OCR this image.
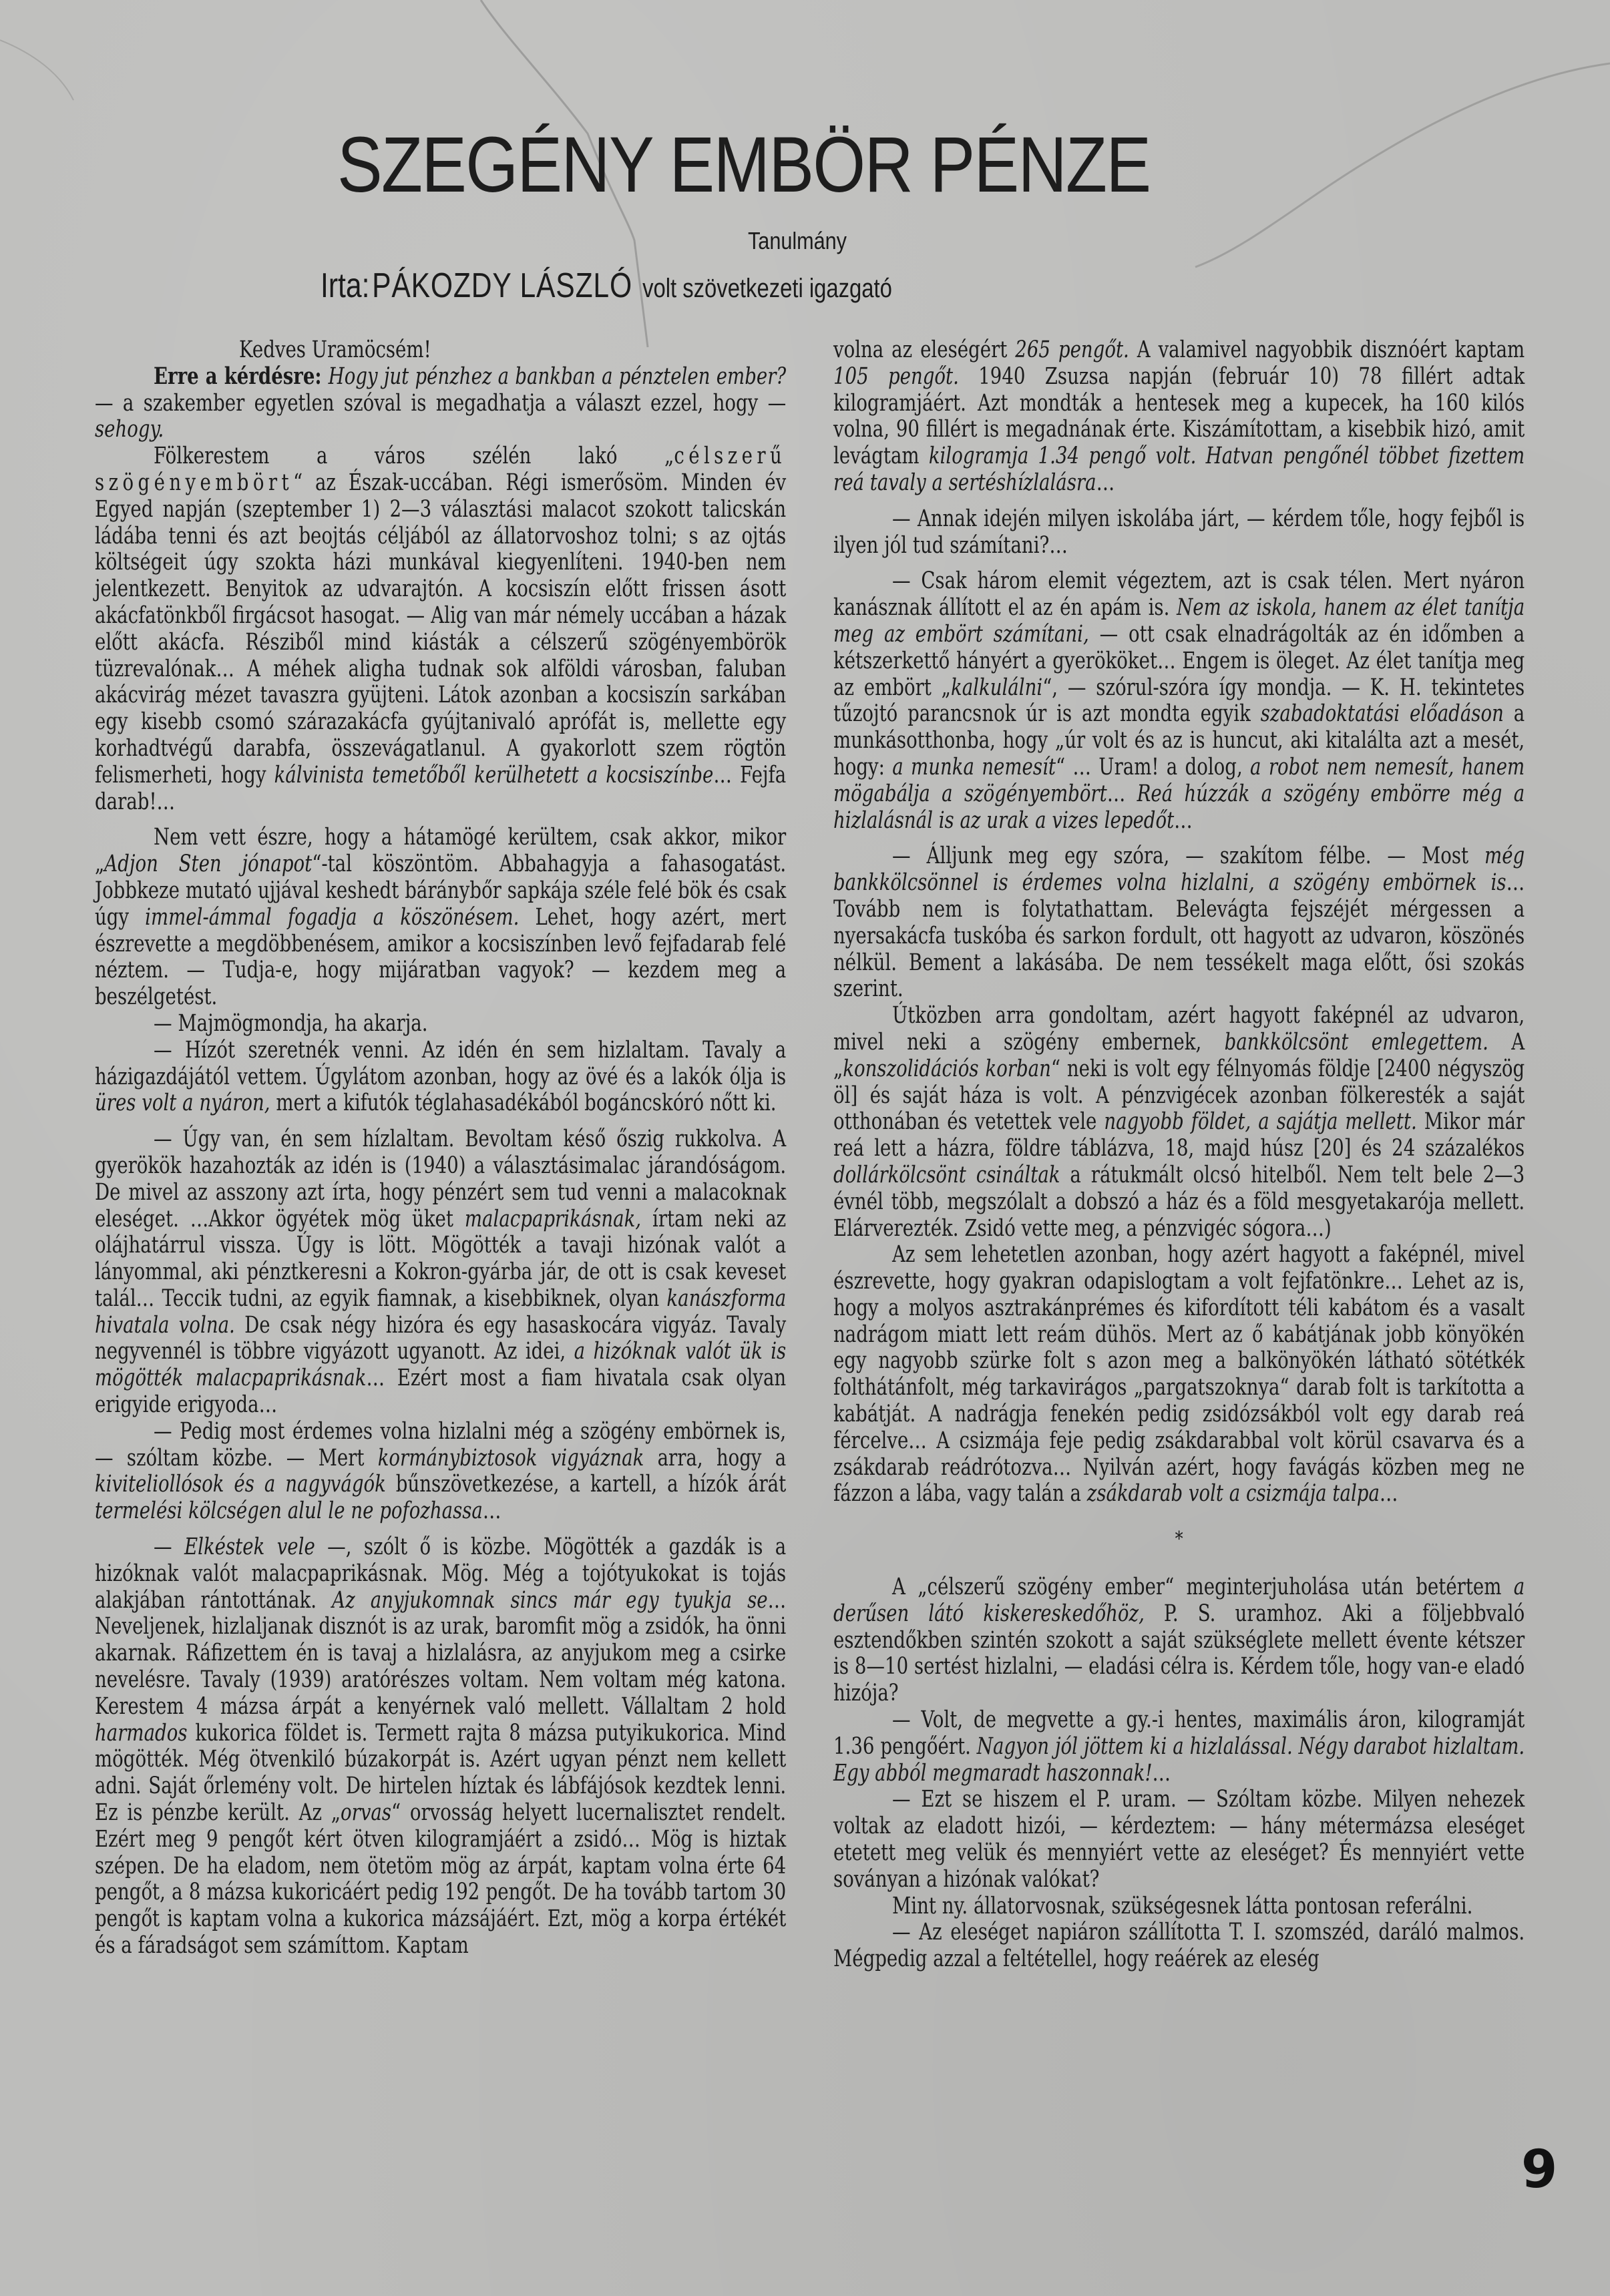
SZEGÉNY EMBÖR PÉNZE
Tanulmány
Irta: PÁKOZDY LÁSZLÓ volt szövetkezeti igazgató

Kedves Uramöcsém!

Erre a kérdésre: Hogy jut pénzhez a bankban a pénztelen ember? — a szakember egyetlen szóval is megadhatja a választ ezzel, hogy — sehogy.

Fölkerestem a város szélén lakó „célszerű szögényembört“ az Észak-uccában. Régi ismerősöm. Minden év Egyed napján (szeptember 1) 2—3 választási malacot szokott talicskán ládába tenni és azt beojtás céljából az állatorvoshoz tolni; s az ojtás költségeit úgy szokta házi munkával kiegyenlíteni. 1940-ben nem jelentkezett. Benyitok az udvarajtón. A kocsiszín előtt frissen ásott akácfatönkből firgácsot hasogat. — Alig van már némely uccában a házak előtt akácfa. Résziből mind kiásták a célszerű szögényembörök tüzrevalónak… A méhek aligha tudnak sok alföldi városban, faluban akácvirág mézet tavaszra gyüjteni. Látok azonban a kocsiszín sarkában egy kisebb csomó szárazakácfa gyújtanivaló aprófát is, mellette egy korhadtvégű darabfa, összevágatlanul. A gyakorlott szem rögtön felismerheti, hogy kálvinista temetőből kerülhetett a kocsiszínbe… Fejfa darab!…

Nem vett észre, hogy a hátamögé kerültem, csak akkor, mikor „Adjon Sten jónapot“-tal köszöntöm. Abbahagyja a fahasogatást. Jobbkeze mutató ujjával keshedt báránybőr sapkája széle felé bök és csak úgy immel-ámmal fogadja a köszönésem. Lehet, hogy azért, mert észrevette a megdöbbenésem, amikor a kocsiszínben levő fejfadarab felé néztem. — Tudja-e, hogy mijáratban vagyok? — kezdem meg a beszélgetést.

— Majmögmondja, ha akarja.

— Hízót szeretnék venni. Az idén én sem hizlaltam. Tavaly a házigazdájától vettem. Úgylátom azonban, hogy az övé és a lakók ólja is üres volt a nyáron, mert a kifutók téglahasadékából bogáncskóró nőtt ki.

— Úgy van, én sem hízlaltam. Bevoltam késő őszig rukkolva. A gyerökök hazahozták az idén is (1940) a választásimalac járandóságom. De mivel az asszony azt írta, hogy pénzért sem tud venni a malacoknak eleséget. …Akkor ögyétek mög üket malacpaprikásnak, írtam neki az olájhatárrul vissza. Úgy is lött. Mögötték a tavaji hizónak valót a lányommal, aki pénztkeresni a Kokron-gyárba jár, de ott is csak keveset talál… Teccik tudni, az egyik fiamnak, a kisebbiknek, olyan kanászforma hivatala volna. De csak négy hizóra és egy hasaskocára vigyáz. Tavaly negyvennél is többre vigyázott ugyanott. Az idei, a hizóknak valót ük is mögötték malacpaprikásnak… Ezért most a fiam hivatala csak olyan erigyide erigyoda…

— Pedig most érdemes volna hizlalni még a szögény embörnek is, — szóltam közbe. — Mert kormánybiztosok vigyáznak arra, hogy a kiviteliollósok és a nagyvágók bűnszövetkezése, a kartell, a hízók árát termelési kölcségen alul le ne pofozhassa…

— Elkéstek vele —, szólt ő is közbe. Mögötték a gazdák is a hizóknak valót malacpaprikásnak. Mög. Még a tojótyukokat is tojás alakjában rántottának. Az anyjukomnak sincs már egy tyukja se… Neveljenek, hizlaljanak disznót is az urak, baromfit mög a zsidók, ha önni akarnak. Ráfizettem én is tavaj a hizlalásra, az anyjukom meg a csirke nevelésre. Tavaly (1939) aratórészes voltam. Nem voltam még katona. Kerestem 4 mázsa árpát a kenyérnek való mellett. Vállaltam 2 hold harmados kukorica földet is. Termett rajta 8 mázsa putyikukorica. Mind mögötték. Még ötvenkiló búzakorpát is. Azért ugyan pénzt nem kellett adni. Saját őrlemény volt. De hirtelen híztak és lábfájósok kezdtek lenni. Ez is pénzbe került. Az „orvas“ orvosság helyett lucernalisztet rendelt. Ezért meg 9 pengőt kért ötven kilogramjáért a zsidó… Mög is hiztak szépen. De ha eladom, nem ötetöm mög az árpát, kaptam volna érte 64 pengőt, a 8 mázsa kukoricáért pedig 192 pengőt. De ha tovább tartom 30 pengőt is kaptam volna a kukorica mázsájáért. Ezt, mög a korpa értékét és a fáradságot sem számíttom. Kaptam

volna az eleségért 265 pengőt. A valamivel nagyobbik disznóért kaptam 105 pengőt. 1940 Zsuzsa napján (február 10) 78 fillért adtak kilogramjáért. Azt mondták a hentesek meg a kupecek, ha 160 kilós volna, 90 fillért is megadnának érte. Kiszámítottam, a kisebbik hizó, amit levágtam kilogramja 1.34 pengő volt. Hatvan pengőnél többet fizettem reá tavaly a sertéshízlalásra…

— Annak idején milyen iskolába járt, — kérdem tőle, hogy fejből is ilyen jól tud számítani?…

— Csak három elemit végeztem, azt is csak télen. Mert nyáron kanásznak állított el az én apám is. Nem az iskola, hanem az élet tanítja meg az embört számítani, — ott csak elnadrágolták az én időmben a kétszerkettő hányért a gyerököket… Engem is öleget. Az élet tanítja meg az embört „kalkulálni“, — szórul-szóra így mondja. — K. H. tekintetes tűzojtó parancsnok úr is azt mondta egyik szabadoktatási előadáson a munkásotthonba, hogy „úr volt és az is huncut, aki kitalálta azt a mesét, hogy: a munka nemesít“ … Uram! a dolog, a robot nem nemesít, hanem mögabálja a szögényembört… Reá húzzák a szögény embörre még a hizlalásnál is az urak a vizes lepedőt…

— Álljunk meg egy szóra, — szakítom félbe. — Most még bankkölcsönnel is érdemes volna hizlalni, a szögény embörnek is… Tovább nem is folytathattam. Belevágta fejszéjét mérgessen a nyersakácfa tuskóba és sarkon fordult, ott hagyott az udvaron, köszönés nélkül. Bement a lakásába. De nem tessékelt maga előtt, ősi szokás szerint.

Útközben arra gondoltam, azért hagyott faképnél az udvaron, mivel neki a szögény embernek, bankkölcsönt emlegettem. A „konszolidációs korban“ neki is volt egy félnyomás földje [2400 négyszög öl] és saját háza is volt. A pénzvigécek azonban fölkeresték a saját otthonában és vetettek vele nagyobb földet, a sajátja mellett. Mikor már reá lett a házra, földre táblázva, 18, majd húsz [20] és 24 százalékos dollárkölcsönt csináltak a rátukmált olcsó hitelből. Nem telt bele 2—3 évnél több, megszólalt a dobszó a ház és a föld mesgyetakarója mellett. Elárverezték. Zsidó vette meg, a pénzvigéc sógora…)

Az sem lehetetlen azonban, hogy azért hagyott a faképnél, mivel észrevette, hogy gyakran odapislogtam a volt fejfatönkre… Lehet az is, hogy a molyos asztrakánprémes és kifordított téli kabátom és a vasalt nadrágom miatt lett reám dühös. Mert az ő kabátjának jobb könyökén egy nagyobb szürke folt s azon meg a balkönyökén látható sötétkék folthátánfolt, még tarkavirágos „pargatszoknya“ darab folt is tarkította a kabátját. A nadrágja fenekén pedig zsidózsákból volt egy darab reá fércelve… A csizmája feje pedig zsákdarabbal volt körül csavarva és a zsákdarab reádrótozva… Nyilván azért, hogy favágás közben meg ne fázzon a lába, vagy talán a zsákdarab volt a csizmája talpa…

*

A „célszerű szögény ember“ meginterjuholása után betértem a derűsen látó kiskereskedőhöz, P. S. uramhoz. Aki a följebbvaló esztendőkben szintén szokott a saját szükséglete mellett évente kétszer is 8—10 sertést hizlalni, — eladási célra is. Kérdem tőle, hogy van-e eladó hizója?

— Volt, de megvette a gy.-i hentes, maximális áron, kilogramját 1.36 pengőért. Nagyon jól jöttem ki a hizlalással. Négy darabot hizlaltam. Egy abból megmaradt haszonnak!…

— Ezt se hiszem el P. uram. — Szóltam közbe. Milyen nehezek voltak az eladott hizói, — kérdeztem: — hány métermázsa eleséget etetett meg velük és mennyiért vette az eleséget? És mennyiért vette soványan a hizónak valókat?

Mint ny. állatorvosnak, szükségesnek látta pontosan referálni.

— Az eleséget napiáron szállította T. I. szomszéd, daráló malmos. Mégpedig azzal a feltétellel, hogy reáérek az eleség

9
